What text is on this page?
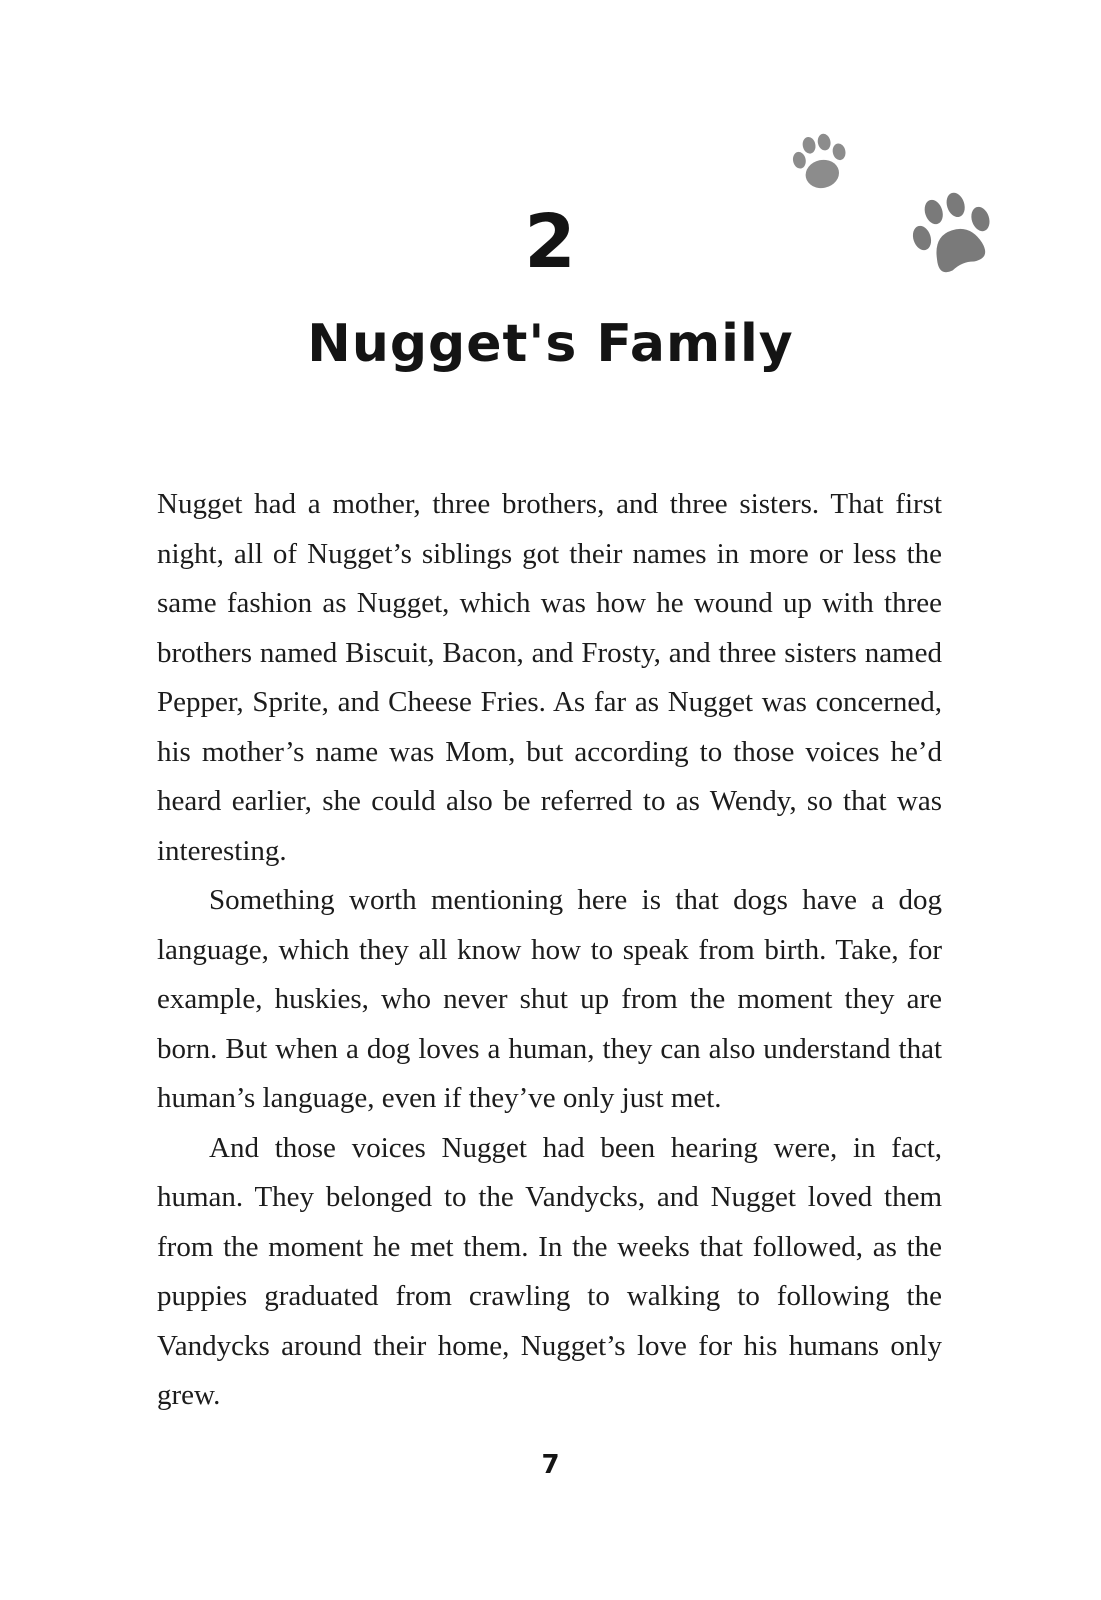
2
Nugget's Family

Nugget had a mother, three brothers, and three sisters. That first night, all of Nugget’s siblings got their names in more or less the same fashion as Nugget, which was how he wound up with three brothers named Biscuit, Bacon, and Frosty, and three sisters named Pepper, Sprite, and Cheese Fries. As far as Nugget was concerned, his mother’s name was Mom, but according to those voices he’d heard earlier, she could also be referred to as Wendy, so that was interesting.

Something worth mentioning here is that dogs have a dog language, which they all know how to speak from birth. Take, for example, huskies, who never shut up from the moment they are born. But when a dog loves a human, they can also understand that human’s language, even if they’ve only just met.

And those voices Nugget had been hearing were, in fact, human. They belonged to the Vandycks, and Nugget loved them from the moment he met them. In the weeks that followed, as the puppies graduated from crawling to walking to following the Vandycks around their home, Nugget’s love for his humans only grew.

7
